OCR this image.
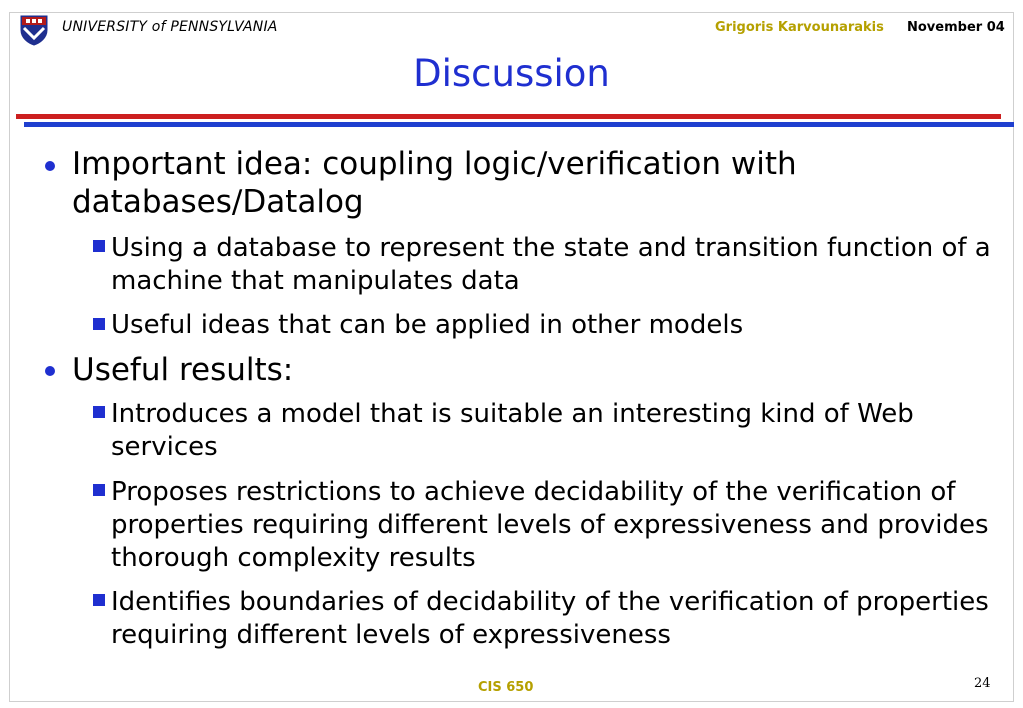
UNIVERSITY of PENNSYLVANIA	Grigoris Karvounarakis November 04
Discussion
Important idea: coupling logic/verification with databases/Datalog
Using a database to represent the state and transition function of a machine that manipulates data
Useful ideas that can be applied in other models
Useful results:
Introduces a model that is suitable an interesting kind of Web services
Proposes restrictions to achieve decidability of the verification of properties requiring different levels of expressiveness and provides thorough complexity results
Identifies boundaries of decidability of the verification of properties requiring different levels of expressiveness
CIS 650	24
